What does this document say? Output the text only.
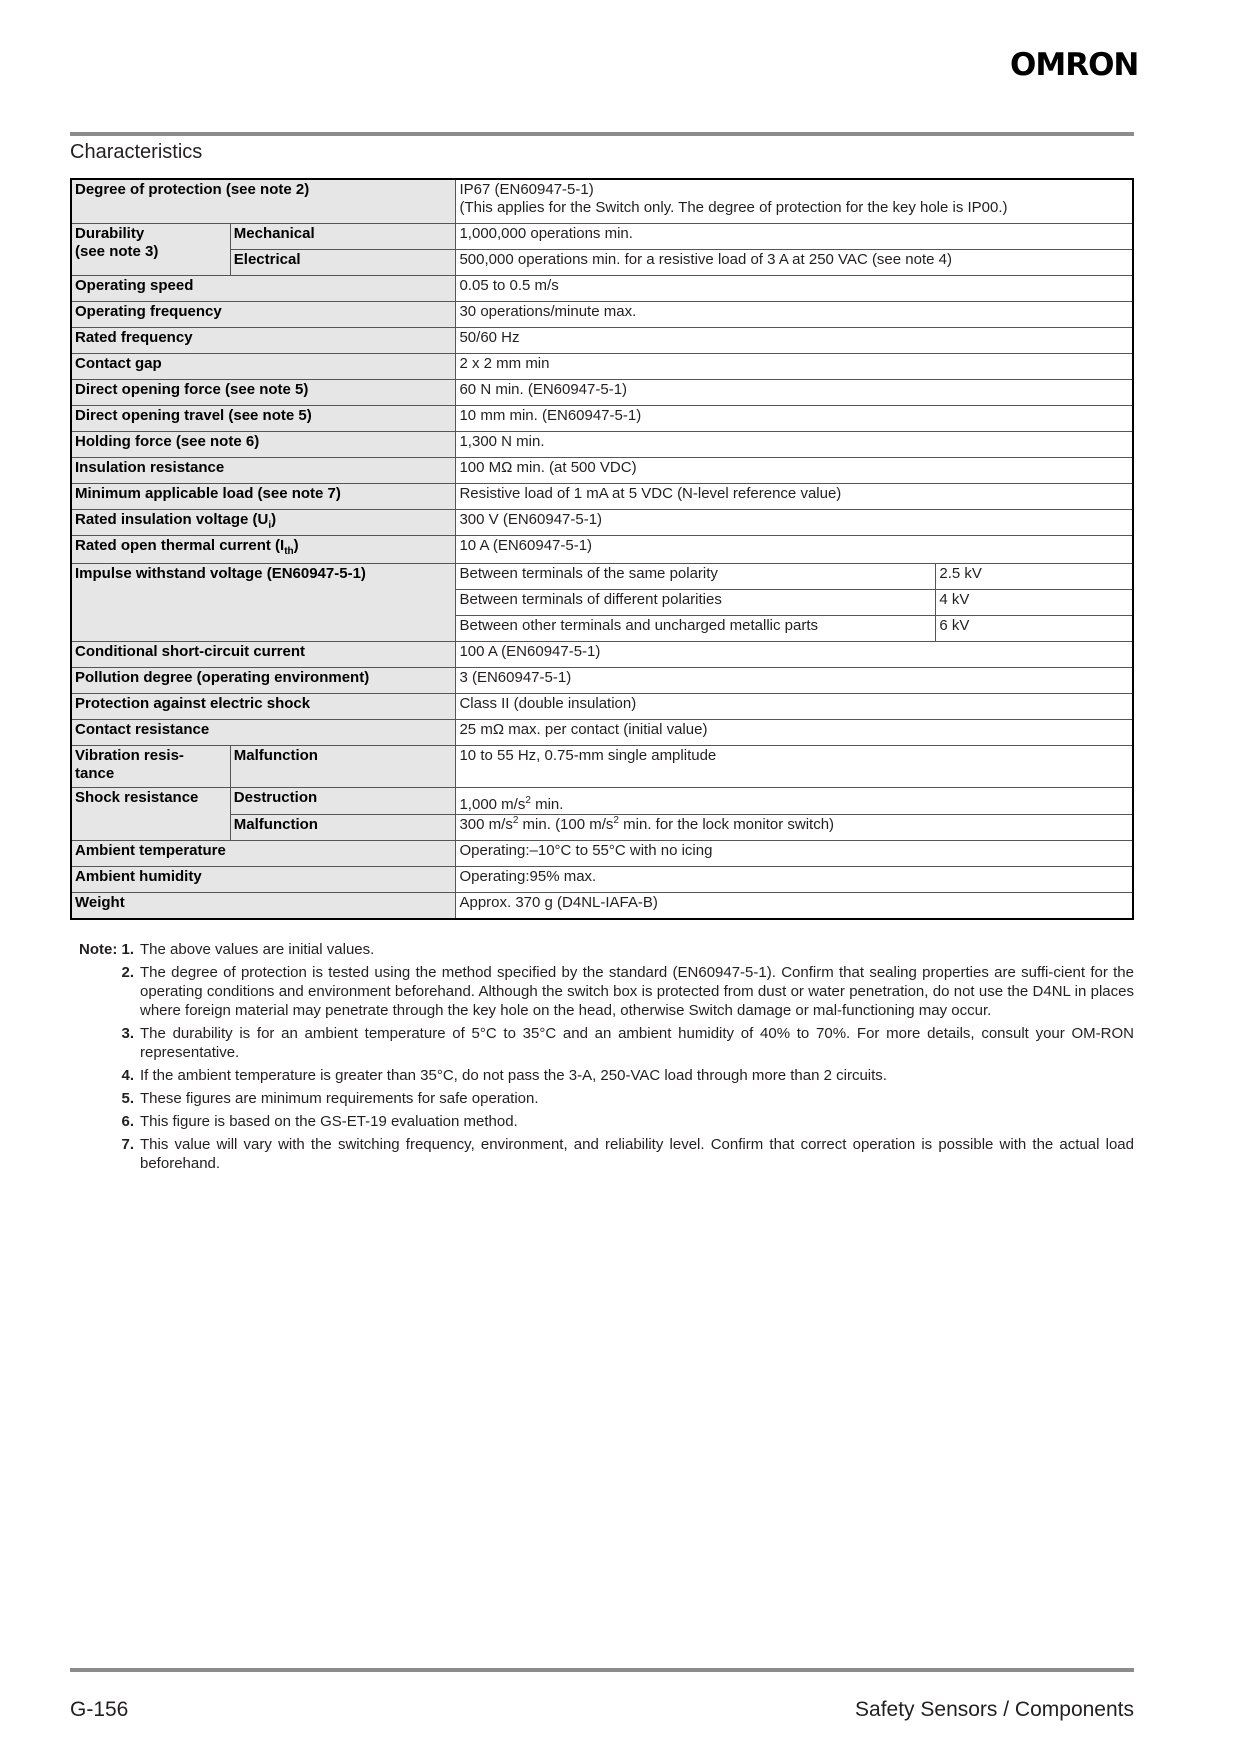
OMRON
Characteristics
Degree of protection (see note 2)		IP67 (EN60947-5-1)
(This applies for the Switch only. The degree of protection for the key hole is IP00.)	

Durability
(see note 3)	Mechanical	1,000,000 operations min.	
	Electrical	500,000 operations min. for a resistive load of 3 A at 250 VAC (see note 4)	
Operating speed		0.05 to 0.5 m/s	
Operating frequency		30 operations/minute max.	
Rated frequency		50/60 Hz	
Contact gap		2 x 2 mm min	
Direct opening force (see note 5)		60 N min. (EN60947-5-1)	
Direct opening travel (see note 5)		10 mm min. (EN60947-5-1)	
Holding force (see note 6)		1,300 N min.	
Insulation resistance		100 MΩ min. (at 500 VDC)	
Minimum applicable load (see note 7)		Resistive load of 1 mA at 5 VDC (N-level reference value)	
Rated insulation voltage $(U_i)$		300 V (EN60947-5-1)	
Rated open thermal current $(I_{th})$		10 A (EN60947-5-1)	
Impulse withstand voltage (EN60947-5-1)		Between terminals of the same polarity	2.5 kV
		Between terminals of different polarities	4 kV
		Between other terminals and uncharged metallic parts	6 kV
Conditional short-circuit current		100 A (EN60947-5-1)	
Pollution degree (operating environment)		3 (EN60947-5-1)	
Protection against electric shock		Class II (double insulation)	
Contact resistance		25 mΩ max. per contact (initial value)	

Vibration resis-
tance	Malfunction	10 to 55 Hz, 0.75-mm single amplitude	
Shock resistance	Destruction	1,000 $m/s^2$ min.	
	Malfunction	300 $m/s^2$ min. (100 $m/s^2$ min. for the lock monitor switch)	
Ambient temperature		Operating:–10°C to 55°C with no icing	
Ambient humidity		Operating:95% max.	
Weight		Approx. 370 g (D4NL-IAFA-B)	
Note: 1. The above values are initial values.
2. The degree of protection is tested using the method specified by the standard (EN60947-5-1). Confirm that sealing properties are suffi-cient for the operating conditions and environment beforehand. Although the switch box is protected from dust or water penetration, do not use the D4NL in places where foreign material may penetrate through the key hole on the head, otherwise Switch damage or mal-functioning may occur.
3. The durability is for an ambient temperature of 5°C to 35°C and an ambient humidity of 40% to 70%. For more details, consult your OM-RON representative.
4. If the ambient temperature is greater than 35°C, do not pass the 3-A, 250-VAC load through more than 2 circuits.
5. These figures are minimum requirements for safe operation.
6. This figure is based on the GS-ET-19 evaluation method.
7. This value will vary with the switching frequency, environment, and reliability level. Confirm that correct operation is possible with the actual load beforehand.
G-156	Safety Sensors / Components
